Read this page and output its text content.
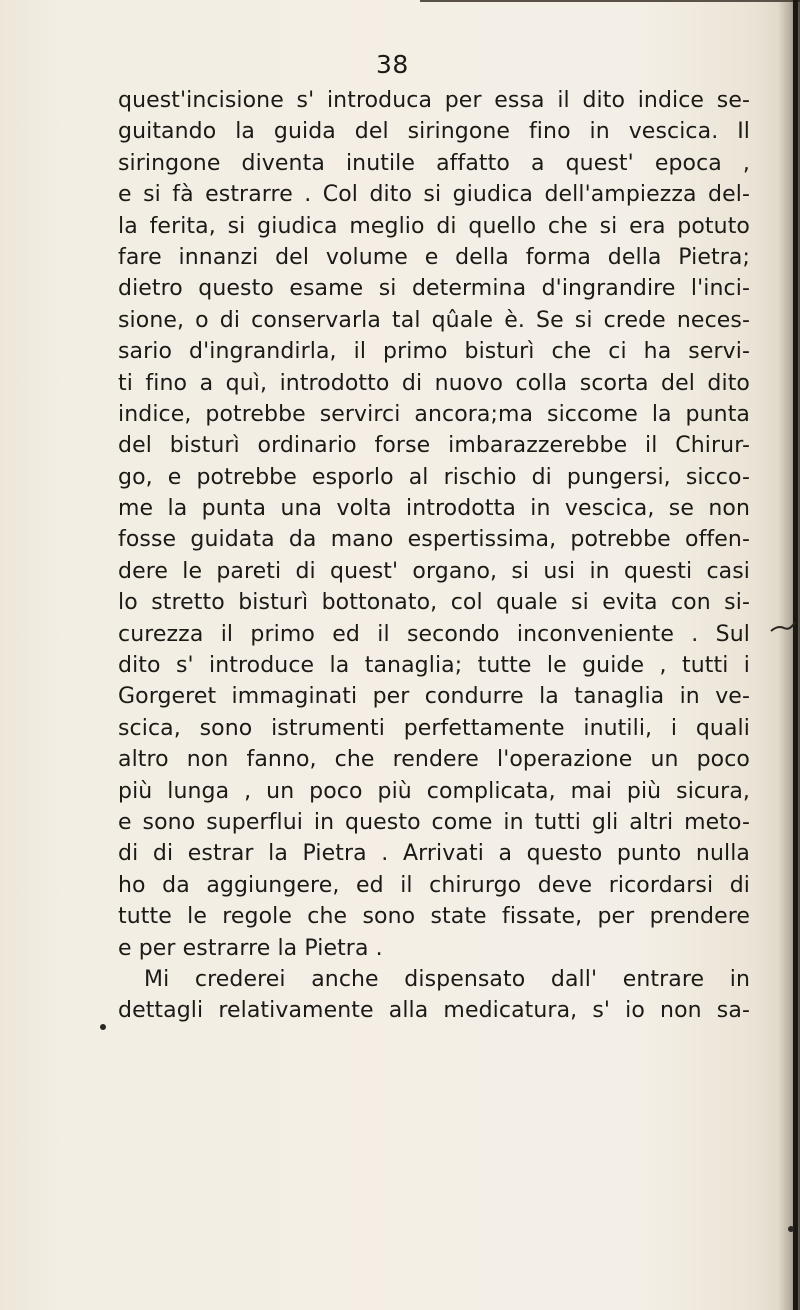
38
quest'incisione s' introduca per essa il dito indice se-
guitando la guida del siringone fino in vescica. Il
siringone diventa inutile affatto a quest' epoca ,
e si fà estrarre . Col dito si giudica dell'ampiezza del-
la ferita, si giudica meglio di quello che si era potuto
fare innanzi del volume e della forma della Pietra;
dietro questo esame si determina d'ingrandire l'inci-
sione, o di conservarla tal qûale è. Se si crede neces-
sario d'ingrandirla, il primo bisturì che ci ha servi-
ti fino a quì, introdotto di nuovo colla scorta del dito
indice, potrebbe servirci ancora;ma siccome la punta
del bisturì ordinario forse imbarazzerebbe il Chirur-
go, e potrebbe esporlo al rischio di pungersi, sicco-
me la punta una volta introdotta in vescica, se non
fosse guidata da mano espertissima, potrebbe offen-
dere le pareti di quest' organo, si usi in questi casi
lo stretto bisturì bottonato, col quale si evita con si-
curezza il primo ed il secondo inconveniente . Sul
dito s' introduce la tanaglia; tutte le guide , tutti i
Gorgeret immaginati per condurre la tanaglia in ve-
scica, sono istrumenti perfettamente inutili, i quali
altro non fanno, che rendere l'operazione un poco
più lunga , un poco più complicata, mai più sicura,
e sono superflui in questo come in tutti gli altri meto-
di di estrar la Pietra . Arrivati a questo punto nulla
ho da aggiungere, ed il chirurgo deve ricordarsi di
tutte le regole che sono state fissate, per prendere
e per estrarre la Pietra .
Mi crederei anche dispensato dall' entrare in
dettagli relativamente alla medicatura, s' io non sa-
